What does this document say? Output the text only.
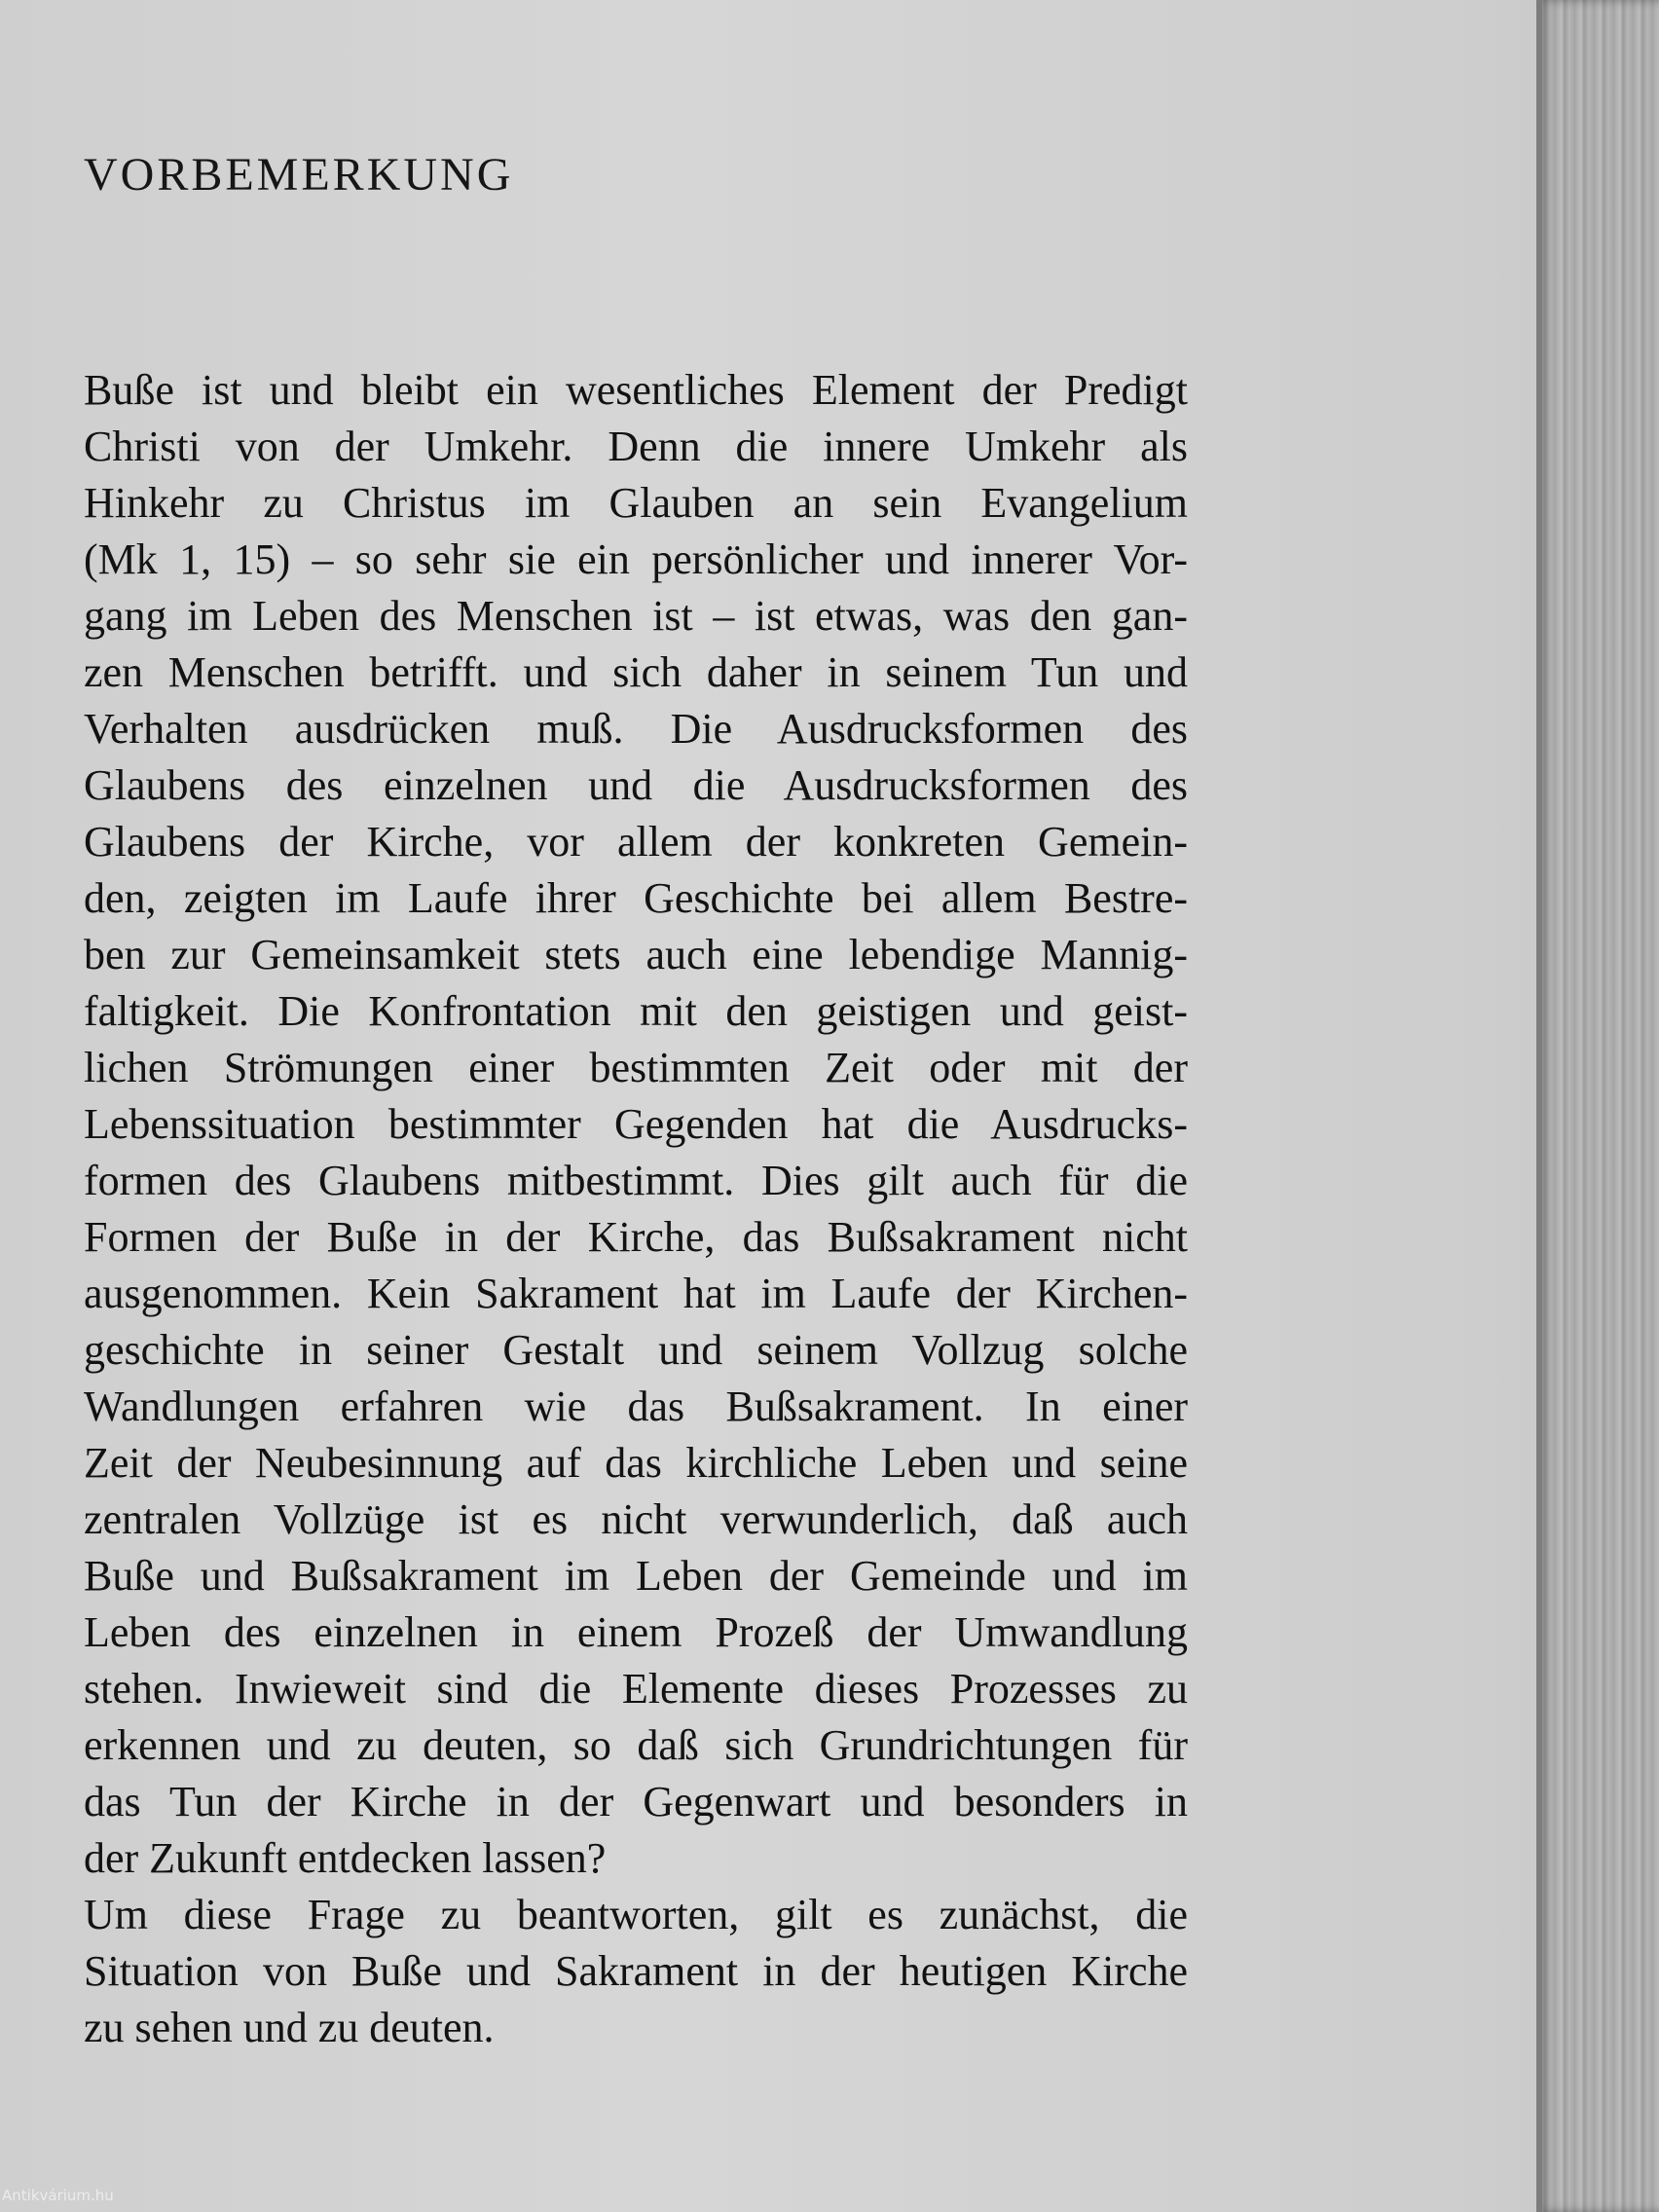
VORBEMERKUNG
Buße ist und bleibt ein wesentliches Element der Predigt
Christi von der Umkehr. Denn die innere Umkehr als
Hinkehr zu Christus im Glauben an sein Evangelium
(Mk 1, 15) – so sehr sie ein persönlicher und innerer Vor-
gang im Leben des Menschen ist – ist etwas, was den gan-
zen Menschen betrifft. und sich daher in seinem Tun und
Verhalten ausdrücken muß. Die Ausdrucksformen des
Glaubens des einzelnen und die Ausdrucksformen des
Glaubens der Kirche, vor allem der konkreten Gemein-
den, zeigten im Laufe ihrer Geschichte bei allem Bestre-
ben zur Gemeinsamkeit stets auch eine lebendige Mannig-
faltigkeit. Die Konfrontation mit den geistigen und geist-
lichen Strömungen einer bestimmten Zeit oder mit der
Lebenssituation bestimmter Gegenden hat die Ausdrucks-
formen des Glaubens mitbestimmt. Dies gilt auch für die
Formen der Buße in der Kirche, das Bußsakrament nicht
ausgenommen. Kein Sakrament hat im Laufe der Kirchen-
geschichte in seiner Gestalt und seinem Vollzug solche
Wandlungen erfahren wie das Bußsakrament. In einer
Zeit der Neubesinnung auf das kirchliche Leben und seine
zentralen Vollzüge ist es nicht verwunderlich, daß auch
Buße und Bußsakrament im Leben der Gemeinde und im
Leben des einzelnen in einem Prozeß der Umwandlung
stehen. Inwieweit sind die Elemente dieses Prozesses zu
erkennen und zu deuten, so daß sich Grundrichtungen für
das Tun der Kirche in der Gegenwart und besonders in
der Zukunft entdecken lassen?
Um diese Frage zu beantworten, gilt es zunächst, die
Situation von Buße und Sakrament in der heutigen Kirche
zu sehen und zu deuten.
Antikvárium.hu
